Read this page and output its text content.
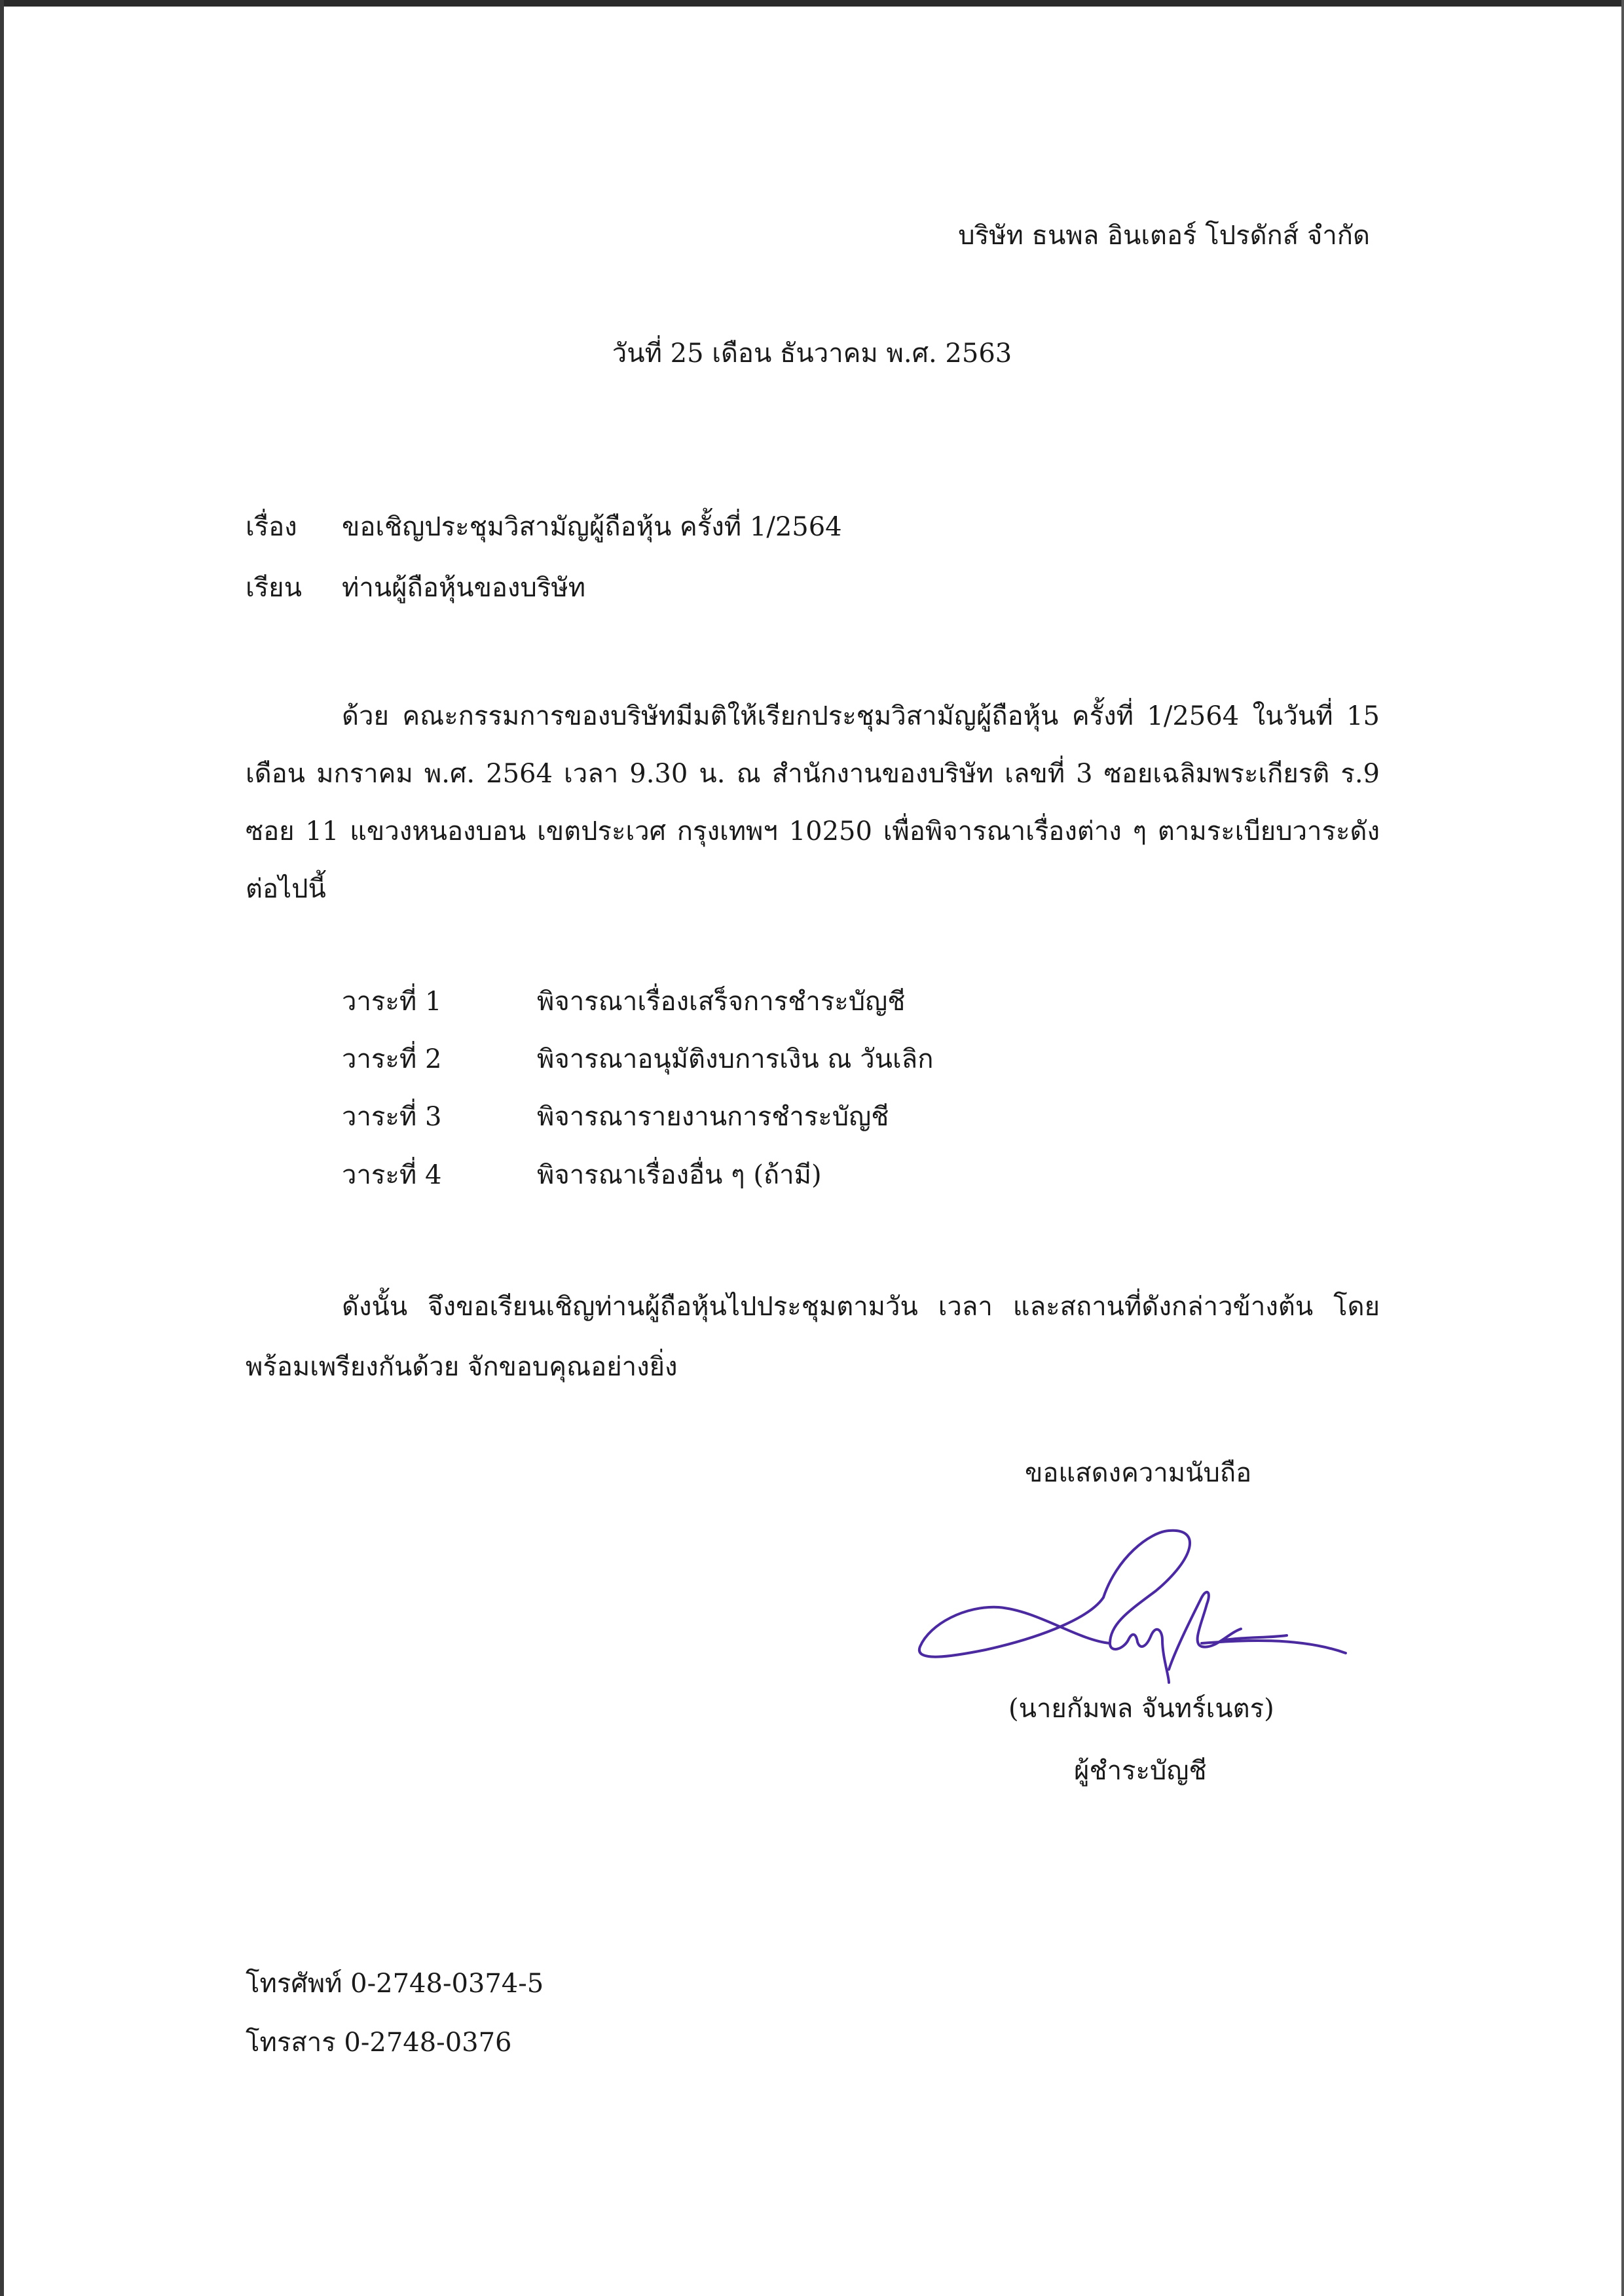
บริษัท ธนพล อินเตอร์ โปรดักส์ จำกัด
วันที่ 25 เดือน ธันวาคม พ.ศ. 2563
เรื่อง ขอเชิญประชุมวิสามัญผู้ถือหุ้น ครั้งที่ 1/2564
เรียน ท่านผู้ถือหุ้นของบริษัท
ด้วย คณะกรรมการของบริษัทมีมติให้เรียกประชุมวิสามัญผู้ถือหุ้น ครั้งที่ 1/2564 ในวันที่ 15 เดือน มกราคม พ.ศ. 2564 เวลา 9.30 น. ณ สำนักงานของบริษัท เลขที่ 3 ซอยเฉลิมพระเกียรติ ร.9 ซอย 11 แขวงหนองบอน เขตประเวศ กรุงเทพฯ 10250 เพื่อพิจารณาเรื่องต่าง ๆ ตามระเบียบวาระดังต่อไปนี้
วาระที่ 1	พิจารณาเรื่องเสร็จการชำระบัญชี
วาระที่ 2	พิจารณาอนุมัติงบการเงิน ณ วันเลิก
วาระที่ 3	พิจารณารายงานการชำระบัญชี
วาระที่ 4	พิจารณาเรื่องอื่น ๆ (ถ้ามี)
ดังนั้น จึงขอเรียนเชิญท่านผู้ถือหุ้นไปประชุมตามวัน เวลา และสถานที่ดังกล่าวข้างต้น โดยพร้อมเพรียงกันด้วย จักขอบคุณอย่างยิ่ง
ขอแสดงความนับถือ
(นายกัมพล จันทร์เนตร)
ผู้ชำระบัญชี
โทรศัพท์ 0-2748-0374-5
โทรสาร 0-2748-0376
